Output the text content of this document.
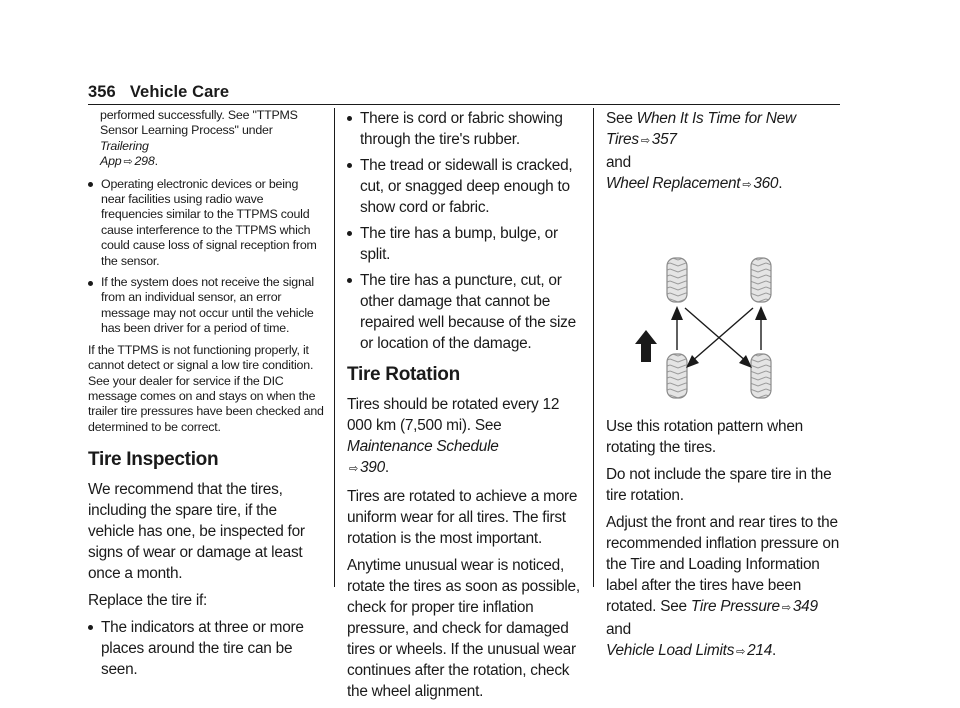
356 Vehicle Care

performed successfully. See "TTPMS
Sensor Learning Process" under Trailering
App ⇨ 298.

Operating electronic devices or being near facilities using radio wave frequencies similar to the TTPMS could cause interference to the TTPMS which could cause loss of signal reception from the sensor.
If the system does not receive the signal from an individual sensor, an error message may not occur until the vehicle has been driver for a period of time.

If the TTPMS is not functioning properly, it cannot detect or signal a low tire condition. See your dealer for service if the DIC message comes on and stays on when the trailer tire pressures have been checked and determined to be correct.

Tire Inspection

We recommend that the tires, including the spare tire, if the vehicle has one, be inspected for signs of wear or damage at least once a month.

Replace the tire if:

The indicators at three or more places around the tire can be seen.
There is cord or fabric showing through the tire's rubber.
The tread or sidewall is cracked, cut, or snagged deep enough to show cord or fabric.
The tire has a bump, bulge, or split.
The tire has a puncture, cut, or other damage that cannot be repaired well because of the size or location of the damage.
Tire Rotation

Tires should be rotated every 12 000 km (7,500 mi). See Maintenance Schedule
⇨ 390.

Tires are rotated to achieve a more uniform wear for all tires. The first rotation is the most important.

Anytime unusual wear is noticed, rotate the tires as soon as possible, check for proper tire inflation pressure, and check for damaged tires or wheels. If the unusual wear continues after the rotation, check the wheel alignment.

See When It Is Time for New Tires ⇨ 357
and
Wheel Replacement ⇨ 360.

Use this rotation pattern when rotating the tires.

Do not include the spare tire in the tire rotation.

Adjust the front and rear tires to the recommended inflation pressure on the Tire and Loading Information label after the tires have been rotated. See Tire Pressure ⇨ 349 and
Vehicle Load Limits ⇨ 214.
